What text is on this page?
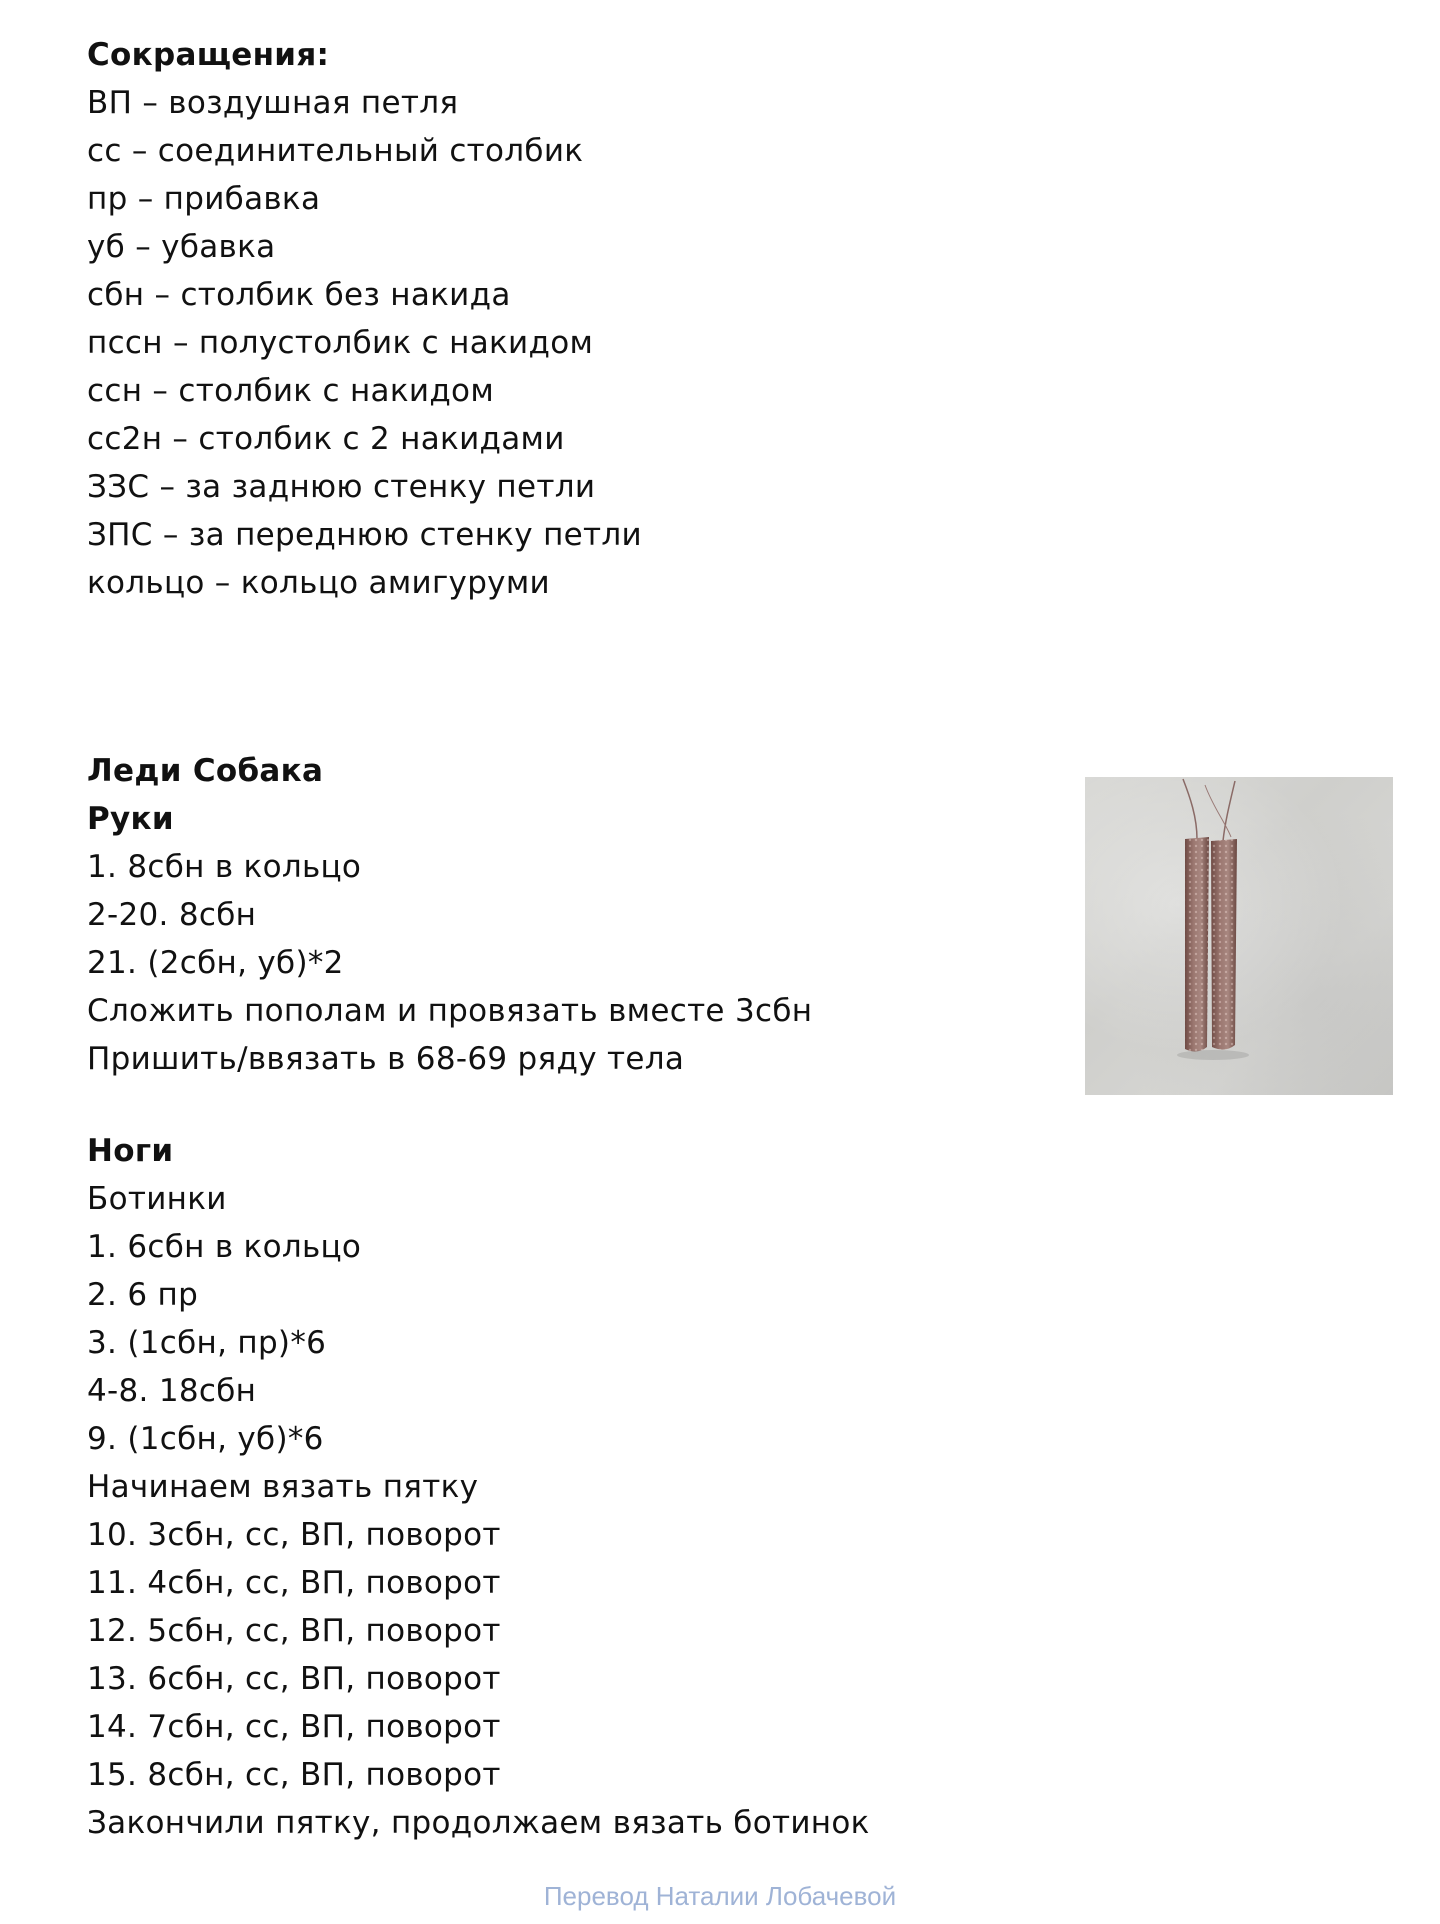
Сокращения:
ВП – воздушная петля
сс – соединительный столбик
пр – прибавка
уб – убавка
сбн – столбик без накида
пссн – полустолбик с накидом
ссн – столбик с накидом
сс2н – столбик с 2 накидами
ЗЗС – за заднюю стенку петли
ЗПС – за переднюю стенку петли
кольцо – кольцо амигуруми
Леди Собака
Руки
1. 8сбн в кольцо
2-20. 8сбн
21. (2сбн, уб)*2
Сложить пополам и провязать вместе 3сбн
Пришить/ввязать в 68-69 ряду тела
Ноги
Ботинки
1. 6сбн в кольцо
2. 6 пр
3. (1сбн, пр)*6
4-8. 18сбн
9. (1сбн, уб)*6
Начинаем вязать пятку
10. 3сбн, сс, ВП, поворот
11. 4сбн, сс, ВП, поворот
12. 5сбн, сс, ВП, поворот
13. 6сбн, сс, ВП, поворот
14. 7сбн, сс, ВП, поворот
15. 8сбн, сс, ВП, поворот
Закончили пятку, продолжаем вязать ботинок
Перевод Наталии Лобачевой
